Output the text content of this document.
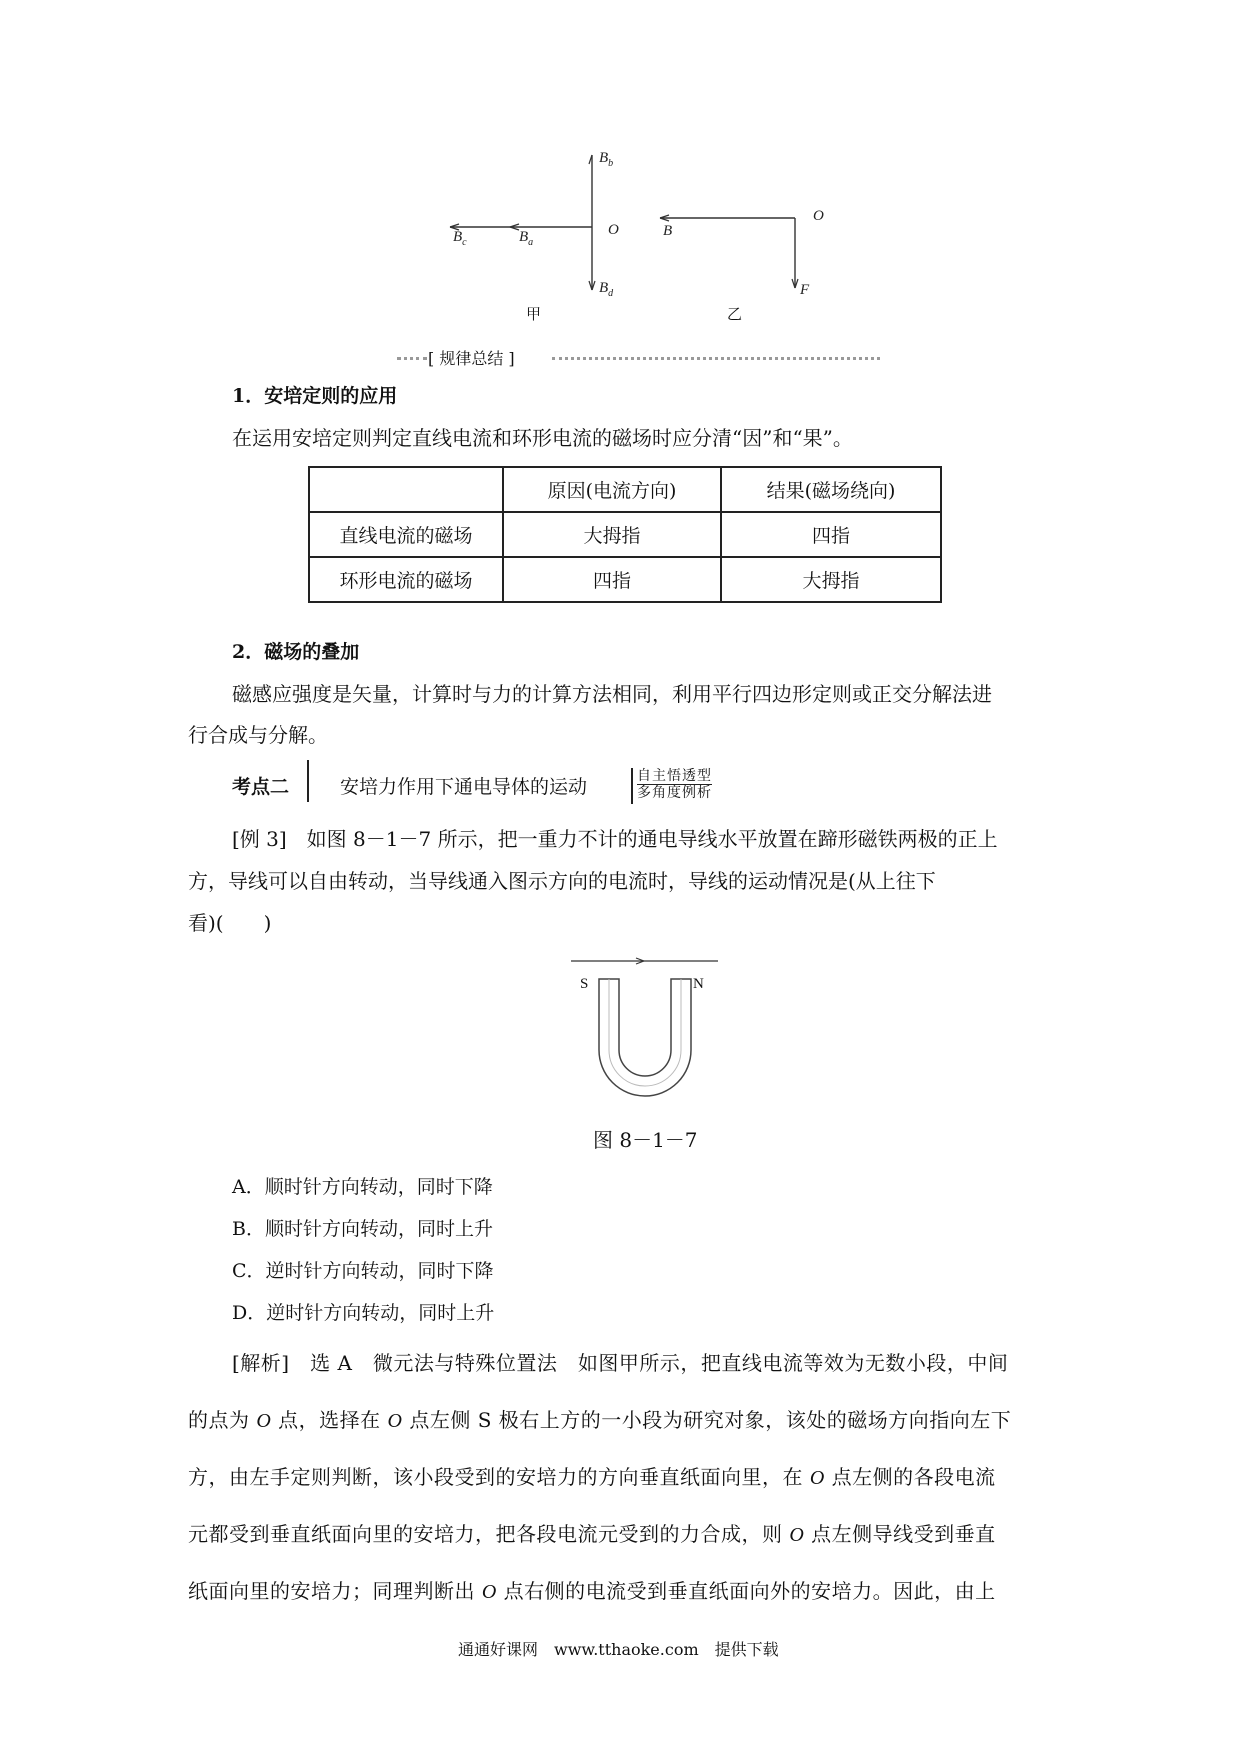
$B_b$
$B_c$	$B_a$
O
$B_d$
甲
B
O
F
乙
[ 规律总结 ]
1．安培定则的应用
在运用安培定则判定直线电流和环形电流的磁场时应分清“因”和“果”。
	原因(电流方向)	结果(磁场绕向)
直线电流的磁场	大拇指	四指
环形电流的磁场	四指	大拇指
2．磁场的叠加
磁感应强度是矢量，计算时与力的计算方法相同，利用平行四边形定则或正交分解法进
行合成与分解。
考点二	安培力作用下通电导体的运动	自主悟透型
多角度例析
[例 3]　如图 8－1－7 所示，把一重力不计的通电导线水平放置在蹄形磁铁两极的正上
方，导线可以自由转动，当导线通入图示方向的电流时，导线的运动情况是(从上往下
看)(　　)
S	N
图 8－1－7
A．顺时针方向转动，同时下降
B．顺时针方向转动，同时上升
C．逆时针方向转动，同时下降
D．逆时针方向转动，同时上升
[解析]　选 A　微元法与特殊位置法　如图甲所示，把直线电流等效为无数小段，中间
的点为 O 点，选择在 O 点左侧 S 极右上方的一小段为研究对象，该处的磁场方向指向左下
方，由左手定则判断，该小段受到的安培力的方向垂直纸面向里，在 O 点左侧的各段电流
元都受到垂直纸面向里的安培力，把各段电流元受到的力合成，则 O 点左侧导线受到垂直
纸面向里的安培力；同理判断出 O 点右侧的电流受到垂直纸面向外的安培力。因此，由上
通通好课网　www.tthaoke.com　提供下载
